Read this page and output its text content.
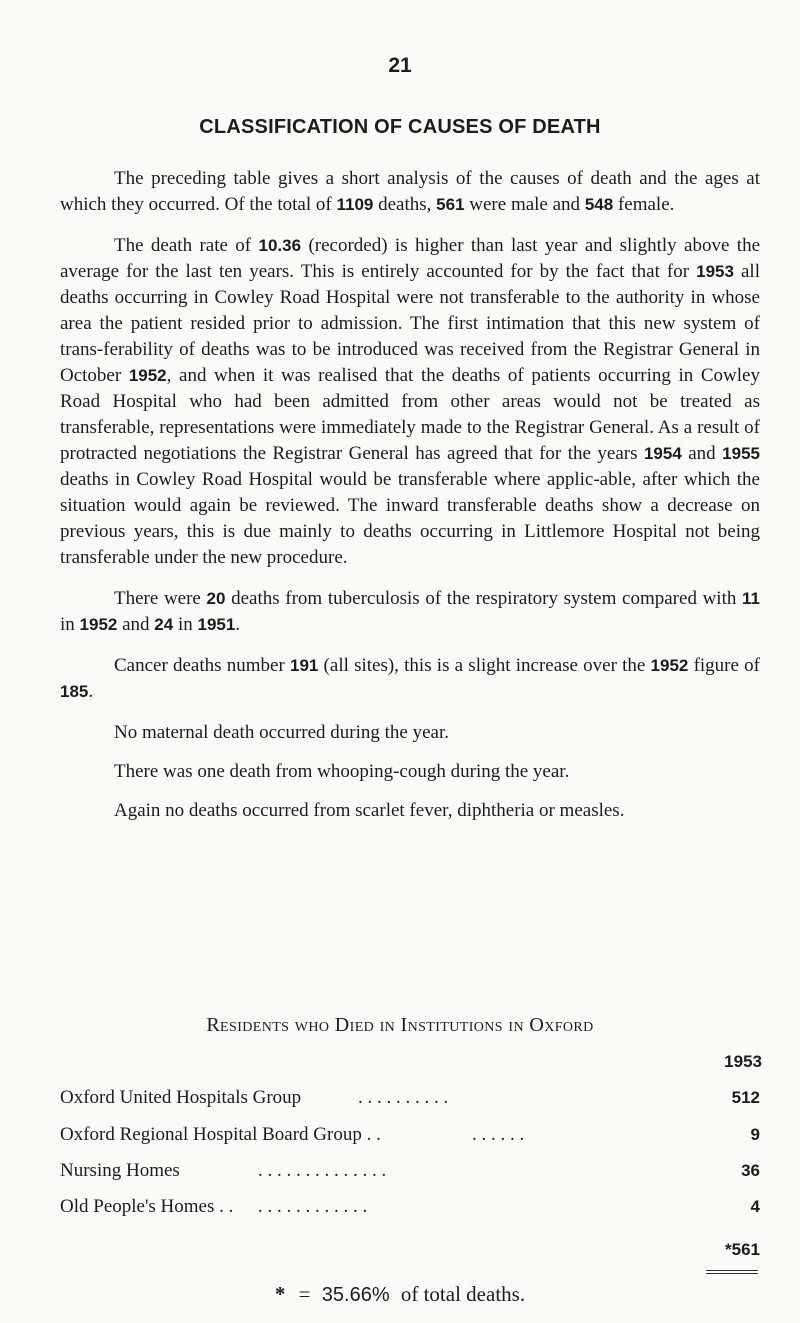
21
CLASSIFICATION OF CAUSES OF DEATH

The preceding table gives a short analysis of the causes of death and the ages at which they occurred. Of the total of 1109 deaths, 561 were male and 548 female.

The death rate of 10.36 (recorded) is higher than last year and slightly above the average for the last ten years. This is entirely accounted for by the fact that for 1953 all deaths occurring in Cowley Road Hospital were not transferable to the authority in whose area the patient resided prior to admission. The first intimation that this new system of trans-ferability of deaths was to be introduced was received from the Registrar General in October 1952, and when it was realised that the deaths of patients occurring in Cowley Road Hospital who had been admitted from other areas would not be treated as transferable, representations were immediately made to the Registrar General. As a result of protracted negotiations the Registrar General has agreed that for the years 1954 and 1955 deaths in Cowley Road Hospital would be transferable where applic-able, after which the situation would again be reviewed. The inward transferable deaths show a decrease on previous years, this is due mainly to deaths occurring in Littlemore Hospital not being transferable under the new procedure.

There were 20 deaths from tuberculosis of the respiratory system compared with 11 in 1952 and 24 in 1951.

Cancer deaths number 191 (all sites), this is a slight increase over the 1952 figure of 185.

No maternal death occurred during the year.

There was one death from whooping-cough during the year.

Again no deaths occurred from scarlet fever, diphtheria or measles.

Residents who Died in Institutions in Oxford
1953
Oxford United Hospitals Group	. . . . . . . . . .	512
Oxford Regional Hospital Board Group . .	. . . . . .	9
Nursing Homes	. . . . . . . . . . . . . .	36
Old People's Homes . . . . . . . . . . . . . .	4
*561
* = 35.66% of total deaths.
